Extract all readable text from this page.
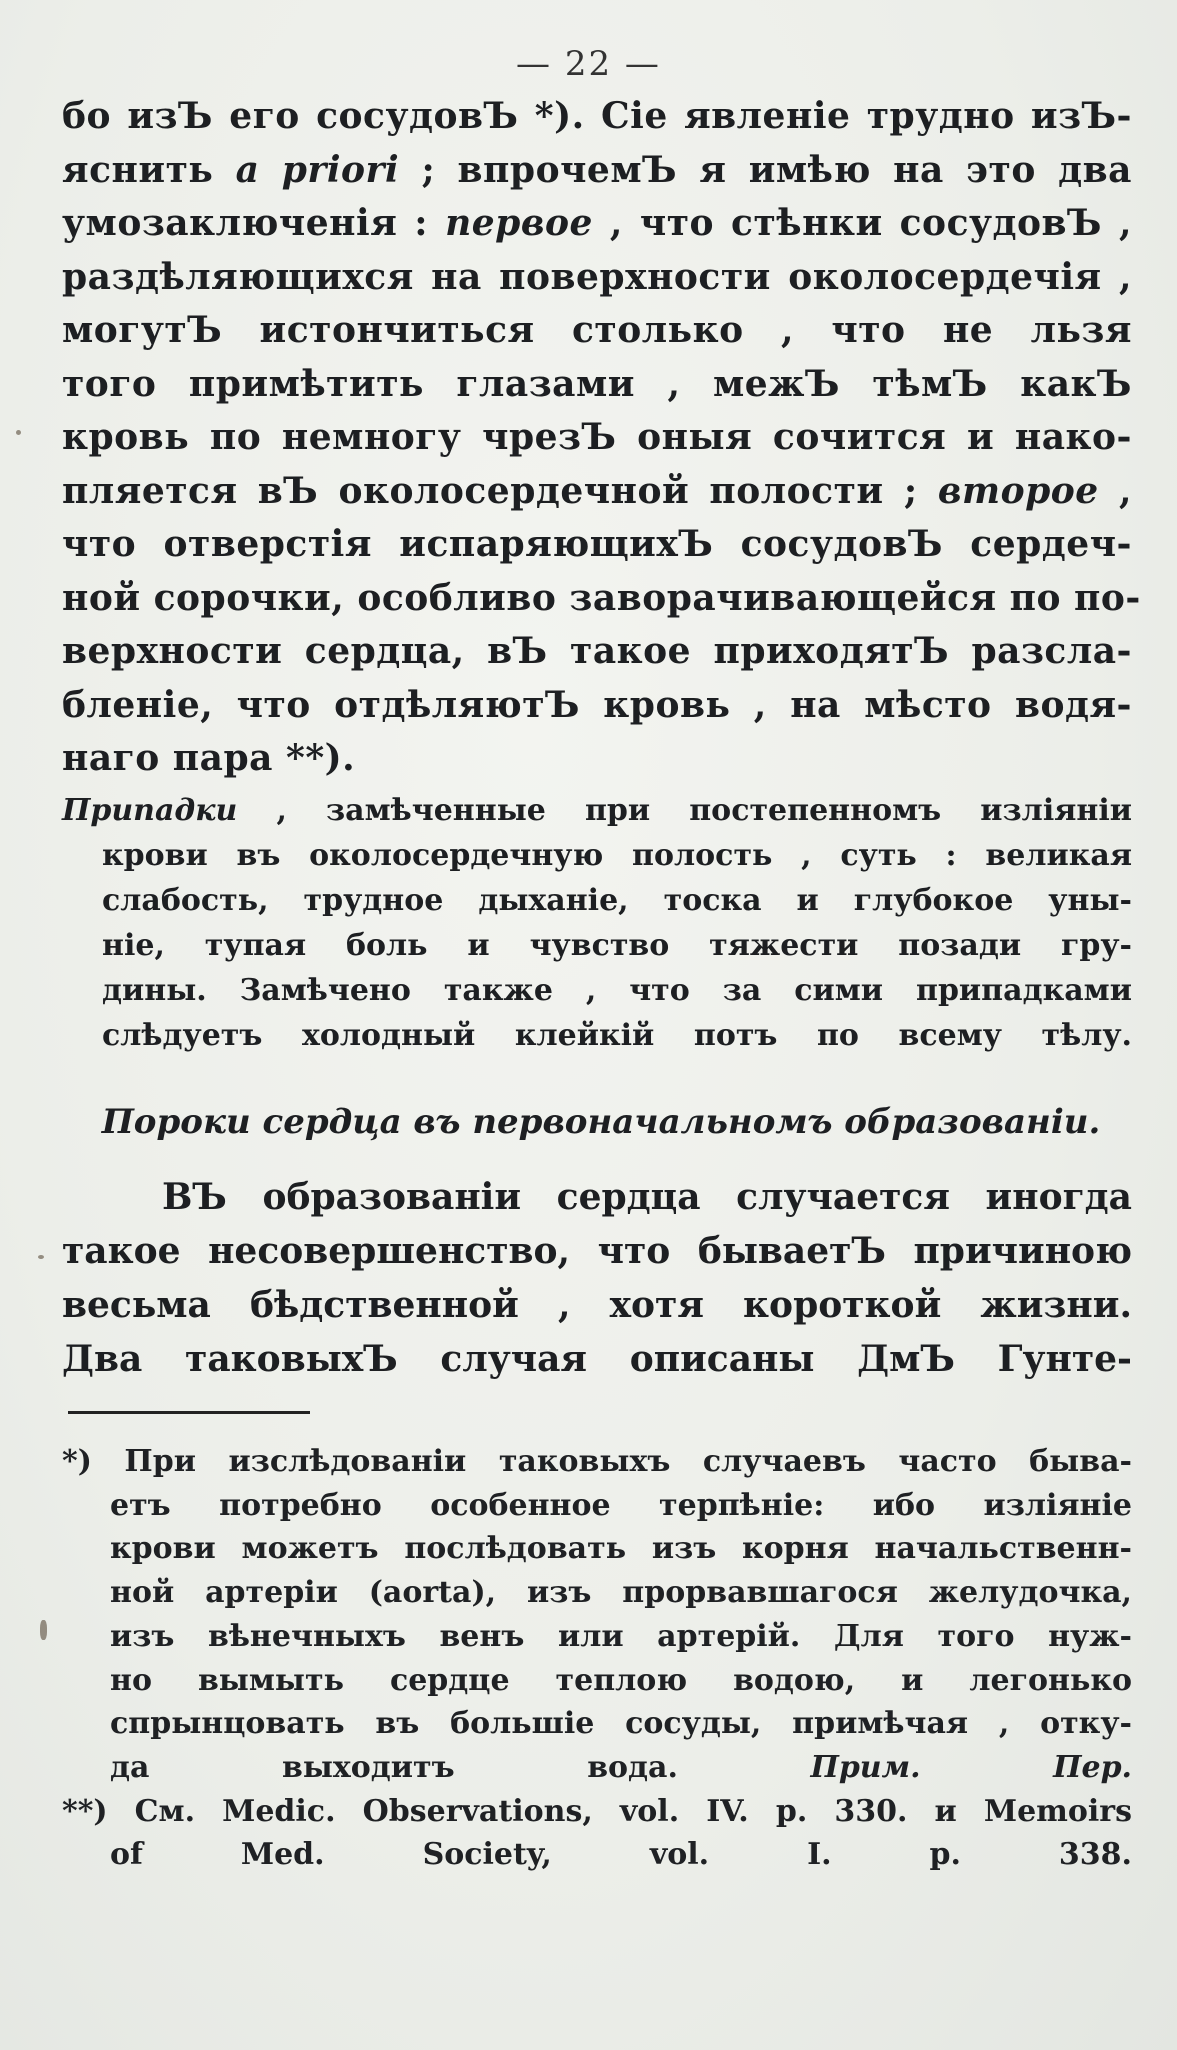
— 22 —
бо изЪ его сосудовЪ *). Сіе явленіе трудно изЪ-
яснить a priori ; впрочемЪ я имѣю на это два
умозаключенія : первое , что стѣнки сосудовЪ ,
раздѣляющихся на поверхности околосердечія ,
могутЪ истончиться столько , что не льзя
того примѣтить глазами , межЪ тѣмЪ какЪ
кровь по немногу чрезЪ оныя сочится и нако-
пляется вЪ околосердечной полости ; второе ,
что отверстія испаряющихЪ сосудовЪ сердеч-
ной сорочки, особливо заворачивающейся по по-
верхности сердца, вЪ такое приходятЪ разсла-
бленіе, что отдѣляютЪ кровь , на мѣсто водя-
наго пара **).
Припадки , замѣченные при постепенномъ изліяніи
крови въ околосердечную полость , суть : великая
слабость, трудное дыханіе, тоска и глубокое уны-
ніе, тупая боль и чувство тяжести позади гру-
дины. Замѣчено также , что за сими припадками
слѣдуетъ холодный клейкій потъ по всему тѣлу.
Пороки сердца въ первоначальномъ образованіи.
ВЪ образованіи сердца случается иногда
такое несовершенство, что бываетЪ причиною
весьма бѣдственной , хотя короткой жизни.
Два таковыхЪ случая описаны ДмЪ Гунте-
*) При изслѣдованіи таковыхъ случаевъ часто быва-
етъ потребно особенное терпѣніе: ибо изліяніе
крови можетъ послѣдовать изъ корня начальственн-
ной артеріи (aorta), изъ прорвавшагося желудочка,
изъ вѣнечныхъ венъ или артерій. Для того нуж-
но вымыть сердце теплою водою, и легонько
спрынцовать въ большіе сосуды, примѣчая , отку-
да выходитъ вода. Прим. Пер.
**) См. Medic. Observations, vol. IV. p. 330. и Memoirs
of Med. Society, vol. I. p. 338.
